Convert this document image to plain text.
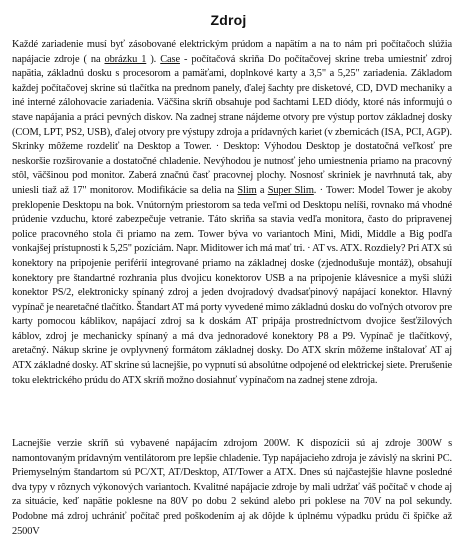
Zdroj

Každé zariadenie musí byť zásobované elektrickým prúdom a napätím a na to nám pri počítačoch slúžia napájacie zdroje ( na obrázku 1 ). Case - počítačová skriňa Do počítačovej skrine treba umiestniť zdroj napätia, základnú dosku s procesorom a pamäťami, doplnkové karty a 3,5" a 5,25" zariadenia. Základom každej počítačovej skrine sú tlačítka na prednom panely, ďalej šachty pre disketové, CD, DVD mechaniky a iné interné zálohovacie zariadenia. Väčšina skríň obsahuje pod šachtami LED diódy, ktoré nás informujú o stave napájania a práci pevných diskov. Na zadnej strane nájdeme otvory pre výstup portov základnej dosky (COM, LPT, PS2, USB), ďalej otvory pre výstupy zdroja a prídavných kariet (v zbernicách (ISA, PCI, AGP). Skrinky môžeme rozdeliť na Desktop a Tower. · Desktop: Výhodou Desktop je dostatočná veľkosť pre neskoršie rozširovanie a dostatočné chladenie. Nevýhodou je nutnosť jeho umiestnenia priamo na pracovný stôl, väčšinou pod monitor. Zaberá značnú časť pracovnej plochy. Nosnosť skriniek je navrhnutá tak, aby uniesli tiaž až 17" monitorov. Modifikácie sa delia na Slim a Super Slim. · Tower: Model Tower je akoby preklopenie Desktopu na bok. Vnútorným priestorom sa teda veľmi od Desktopu nelíši, rovnako má vhodné prúdenie vzduchu, ktoré zabezpečuje vetranie. Táto skriňa sa stavia vedľa monitora, často do pripravenej police pracovného stola či priamo na zem. Tower býva vo variantoch Mini, Midi, Middle a Big podľa vonkajšej prístupnosti k 5,25" pozíciám. Napr. Miditower ich má mať tri. · AT vs. ATX. Rozdiely? Pri ATX sú konektory na pripojenie periférií integrované priamo na základnej doske (zjednodušuje montáž), obsahují konektory pre štandartné rozhrania plus dvojicu konektorov USB a na pripojenie klávesnice a myši slúži konektor PS/2, elektronicky spínaný zdroj a jeden dvojradový dvadsaťpinový napájací konektor. Hlavný vypínač je nearetačné tlačítko. Štandart AT má porty vyvedené mimo základnú dosku do voľných otvorov pre karty pomocou káblikov, napájací zdroj sa k doskám AT pripája prostredníctvom dvojice šesťžilových káblov, zdroj je mechanicky spínaný a má dva jednoradové konektory P8 a P9. Vypínač je tlačítkový, aretačný. Nákup skrine je ovplyvnený formátom základnej dosky. Do ATX skrín môžeme inštalovať AT aj ATX základné dosky. AT skrine sú lacnejšie, po vypnutí sú absolútne odpojené od elektrickej siete. Prerušenie toku elektrického prúdu do ATX skríň možno dosiahnuť vypínačom na zadnej stene zdroja.

Lacnejšie verzie skríň sú vybavené napájacím zdrojom 200W. K dispozícii sú aj zdroje 300W s namontovaným prídavným ventilátorom pre lepšie chladenie. Typ napájacieho zdroja je závislý na skrini PC. Priemyselným štandartom sú PC/XT, AT/Desktop, AT/Tower a ATX. Dnes sú najčastejšie hlavne posledné dva typy v rôznych výkonových variantoch. Kvalitné napájacie zdroje by mali udržať váš počítač v chode aj za situácie, keď napätie poklesne na 80V po dobu 2 sekúnd alebo pri poklese na 70V na pol sekundy. Podobne má zdroj uchrániť počítač pred poškodením aj ak dôjde k úplnému výpadku prúdu či špičke až 2500V
